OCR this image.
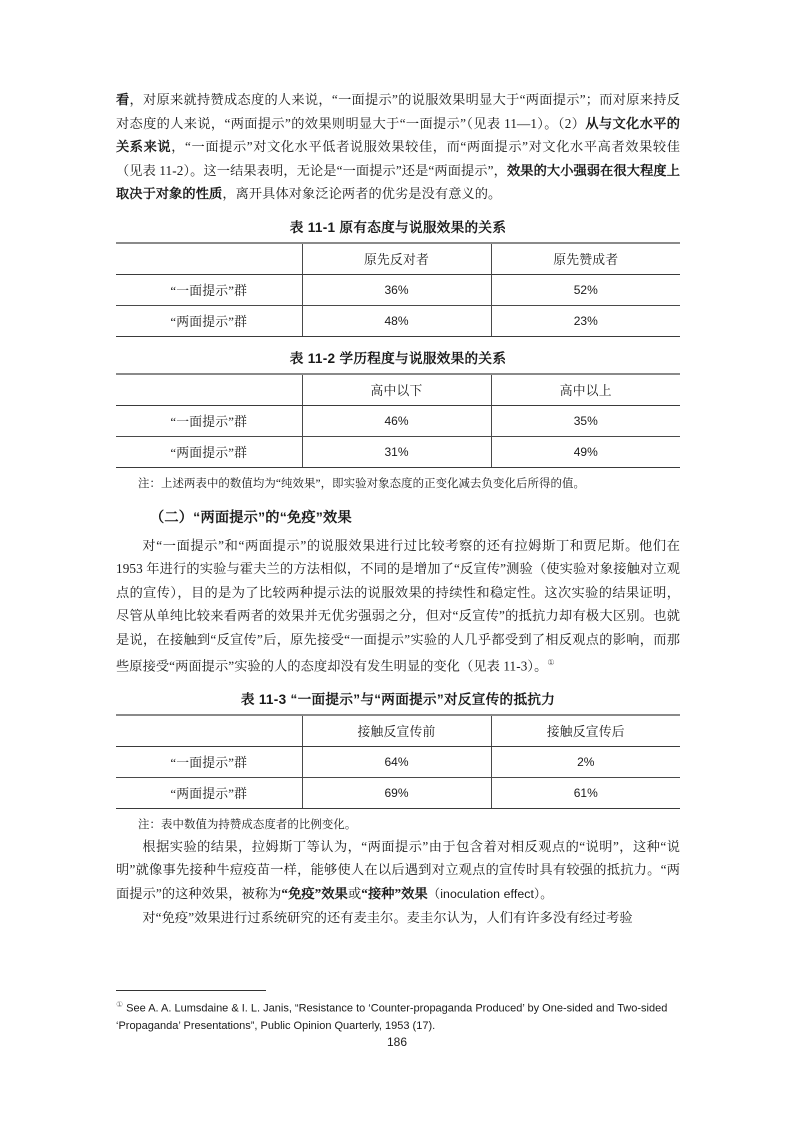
看，对原来就持赞成态度的人来说，“一面提示”的说服效果明显大于“两面提示”；而对原来持反对态度的人来说，“两面提示”的效果则明显大于“一面提示”（见表 11—1）。（2）从与文化水平的关系来说，“一面提示”对文化水平低者说服效果较佳，而“两面提示”对文化水平高者效果较佳（见表 11-2）。这一结果表明，无论是“一面提示”还是“两面提示”，效果的大小强弱在很大程度上取决于对象的性质，离开具体对象泛论两者的优劣是没有意义的。

表 11-1 原有态度与说服效果的关系
	原先反对者	原先赞成者
“一面提示”群	36%	52%
“两面提示”群	48%	23%
表 11-2 学历程度与说服效果的关系
	高中以下	高中以上
“一面提示”群	46%	35%
“两面提示”群	31%	49%

注：上述两表中的数值均为“纯效果”，即实验对象态度的正变化减去负变化后所得的值。

（二）“两面提示”的“免疫”效果

对“一面提示”和“两面提示”的说服效果进行过比较考察的还有拉姆斯丁和贾尼斯。他们在 1953 年进行的实验与霍夫兰的方法相似，不同的是增加了“反宣传”测验（使实验对象接触对立观点的宣传），目的是为了比较两种提示法的说服效果的持续性和稳定性。这次实验的结果证明，尽管从单纯比较来看两者的效果并无优劣强弱之分，但对“反宣传”的抵抗力却有极大区别。也就是说，在接触到“反宣传”后，原先接受“一面提示”实验的人几乎都受到了相反观点的影响，而那些原接受“两面提示”实验的人的态度却没有发生明显的变化（见表 11-3）。①

表 11-3 “一面提示”与“两面提示”对反宣传的抵抗力
	接触反宣传前	接触反宣传后
“一面提示”群	64%	2%
“两面提示”群	69%	61%

注：表中数值为持赞成态度者的比例变化。

根据实验的结果，拉姆斯丁等认为，“两面提示”由于包含着对相反观点的“说明”，这种“说明”就像事先接种牛痘疫苗一样，能够使人在以后遇到对立观点的宣传时具有较强的抵抗力。“两面提示”的这种效果，被称为“免疫”效果或“接种”效果（inoculation effect）。

对“免疫”效果进行过系统研究的还有麦圭尔。麦圭尔认为，人们有许多没有经过考验

① See A. A. Lumsdaine & I. L. Janis, “Resistance to ‘Counter-propaganda Produced’ by One-sided and Two-sided ‘Propaganda’ Presentations”, Public Opinion Quarterly, 1953 (17).

186
